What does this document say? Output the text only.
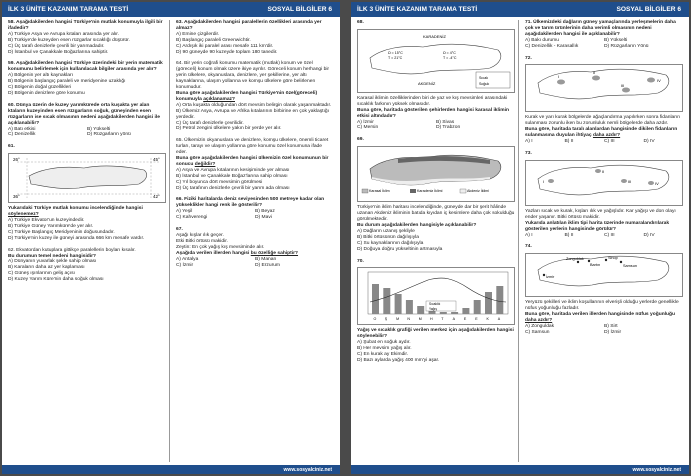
İLK 3 ÜNİTE KAZANIM TARAMA TESTİ	SOSYAL BİLGİLER 6
58. Aşağıdakilerden hangisi Türkiye'nin mutlak konumuyla ilgili bir ifadedir?
A) Türkiye Asya ve Avrupa kıtaları arasında yer alır.
B) Türkiye'de kuzeyden esen rüzgarlar sıcaklığı düşürür.
C) Üç tarafı denizlerle çevrili bir yarımadadır.
D) İstanbul ve Çanakkale Boğazlarına sahiptir.
59. Aşağıdakilerden hangisi Türkiye üzerindeki bir yerin matematik konumunu belirlemek için kullanılacak bilgiler arasında yer alır?
A) Bölgenin yer altı kaynakları
B) Bölgenin başlangıç paraleli ve meridyenine uzaklığı
C) Bölgenin doğal güzellikleri
D) Bölgenin denizlere göre konumu
60. Dünya üzerin de kuzey yarımkürede orta kuşakta yer alan ktaların kuzeyinden esen rüzgarların soğuk, güneyinden esen rüzgarların ise sıcak olmasının nedeni aşağıdakilerden hangisi ile açıklanabilir?
A) Batı etkisi	B) Yükselti
C) Denizellik	D) Rüzgarların yönü
61.
26°	45°
36°	42°
Yukarıdaki Türkiye mutlak konumu incelendiğinde hangisi söylenemez?
A) Türkiye Ekvator'un kuzeyindedir.
B) Türkiye Güney Yarımküre'de yer alır.
C) Türkiye Başlangıç Meridyeninin doğusundadır.
D) Türkiye'nin kuzey ile güneyi arasında 666 km mesafe vardır.
62. Ekvatordan kutuplara gittikçe paralellerin boyları kısalır.
Bu durumun temel nedeni hangisidir?
A) Dünyanın yuvarlak şekle sahip olması
B) Karaların daha az yer kaplaması
C) Güneş ışınlarının geliş açısı
D) Kuzey Yarım Küre'nin daha soğuk olması
63. Aşağıdakilerden hangisi paralellerin özellikleri arasında yer almaz?
A) Emine çizgilerdir.
B) Başlangıç paraleli Greenwichtir.
C) Ardışık iki paralel arası mesafe 111 km'dir.
D) 90 güneyde 90 kuzeyde toplam 180 tanedir.
64. Bir yerin coğrafi konumu matematik (mutlak) konum ve özel (göreceli) konum olmak üzere ikiye ayrılır. Göreceli konum herhangi bir yerin ülkelere, okyanuslara, denizlere, yer şekillerine, yer altı kaynaklarına, ulaşım yollarına ve komşu ülkelere göre belirlenen konumudur.
Buna göre aşağıdakilerden hangisi Türkiye'nin özel(göreceli) konumuyla açıklanamaz?
A) Orta kuşakta olduğundan dört mevsim belirgin olarak yaşanmaktadır.
B) Ülkemiz Asya, Avrupa ve Afrika kıtalarının birbirine en çok yaklaştığı yerdedir.
C) Üç tarafı denizlerle çevrilidir.
D) Petrol zengini ülkelere yakın bir yerde yer alır.
65. Ülkemizin okyanuslara ve denizlere, komşu ülkelere, önemli ticaret turları, tarayı ve ulaşım yollarına göre konumu özel konumuna ifade eder.
Buna göre aşağıdakilerden hangisi ülkemizin özel konumunun bir sonucu değildir?
A) Asya ve Avrupa kıtalarının kesişiminde yer alması
B) İstanbul ve Çanakkale Boğaz'larına sahip olması
C) Yıl boyunca dört mevsimin görülmesi
D) Üç tarafının denizlerle çevrili bir yarım ada olması
66. Fiziki haritalarda deniz seviyesinden 500 metreye kadar olan yükseklikler hangi renk ile gösterilir?
A) Yeşil	B) Beyaz
C) Kahverengi	D) Mavi
67.
Aşağı kışlar ılık geçer.
Etki Bitki örtüsü makidir.
Zeytin: En çok yağış kış mevsiminde alır.
Aşağıda verilen illerden hangisi bu özelliğe sahiptir?
A) Antalya	B) Manan
C) İzmir	D) Erzurum
www.sosyalciniz.net
İLK 3 ÜNİTE KAZANIM TARAMA TESTİ	SOSYAL BİLGİLER 6
68.
KARADENİZ
AKDENİZ
Ω = 15°C
T = 21°C
Ω = 4°C
T = -4°C
Sıcak
Soğuk
Karasal iklimin özelliklerinden biri de yaz ve kış mevsimleri arasındaki sıcaklık farkının yüksek olmasıdır.
Buna göre, haritada gösterilen şehirlerden hangisi karasal iklimin etkisi altındadır?
A) İzmir	B) Sivas
C) Mersin	D) Trabzon
69.
Karasal İklim	Karadeniz İklimi	Akdeniz İklimi
Türkiye'nin iklim haritası incelendiğinde, güneyde dar bir şerit hâlinde uzanan Akdeniz ikliminin batıda kıyıdan iç kesimlere daha çok sokulduğu görülmektedir.
Bu durum aşağıdakilerden hangisiyle açıklanabilir?
A) Dağların uzanış şekliyle
B) Bitki örtüsünün dağılışıyla
C) Su kaynaklarının dağılışıyla
D) Doğuya doğru yükseltinin artmasıyla
70.
O Ş M N M H T	A E E K A
Sıcaklık
Yağış
Yağış ve sıcaklık grafiği verilen merkez için aşağıdakilerden hangisi söylenebilir?
A) Şubat en soğuk aydır.
B) Her mevsim yağış alır.
C) En kurak ay Ekimdir.
D) Bazı aylarda yağış 400 mm'yi aşar.
71. Ülkemizdeki dağların güney yamaçlarında yerleşmelerin daha çok ve tarım ürünlerinin daha verimli olmasının nedeni aşağıdakilerden hangisi ile açıklanabilir?
A) Bakı durumu	B) Yükselti
C) Denizellik - Karasallık	D) Rüzgarların Yönü
72.
I
II
III
IV
Kurak ve yarı kurak bölgelerde ağaçlandırma yapılırken sonra fidanların sulanması zorunlu iken bu zorunluluk nemli bölgelerde daha azdır.
Buna göre, haritada taralı alanlardan hangisinde dikilen fidanların sulanmasına duyulan ihtiyaç daha azdır?
A) I	B) II	C) III	D) IV
73.
I
II
III	IV
Yazları sıcak ve kurak, kışları ılık ve yağışlıdır. Kar yağışı ve don olayı ender yaşanır. Bitki örtüsü makidir.
Yukarıda anlatılan iklim tipi harita üzerinde numaralandırılarak gösterilen yerlerin hangisinde görülür?
A) I	B) II	C) III	D) IV
74.
Zonguldak
Bartın
Sinop
İzmir
Samsun
Yeryüzü şekilleri ve iklim koşullarının elverişli olduğu yerlerde genellikle nüfus yoğunluğu fazladır.
Buna göre, haritada verilen illerden hangisinde nüfus yoğunluğu daha azdır?
A) Zonguldak	B) Sirt
C) Samsun	D) İzmir
www.sosyalciniz.net
